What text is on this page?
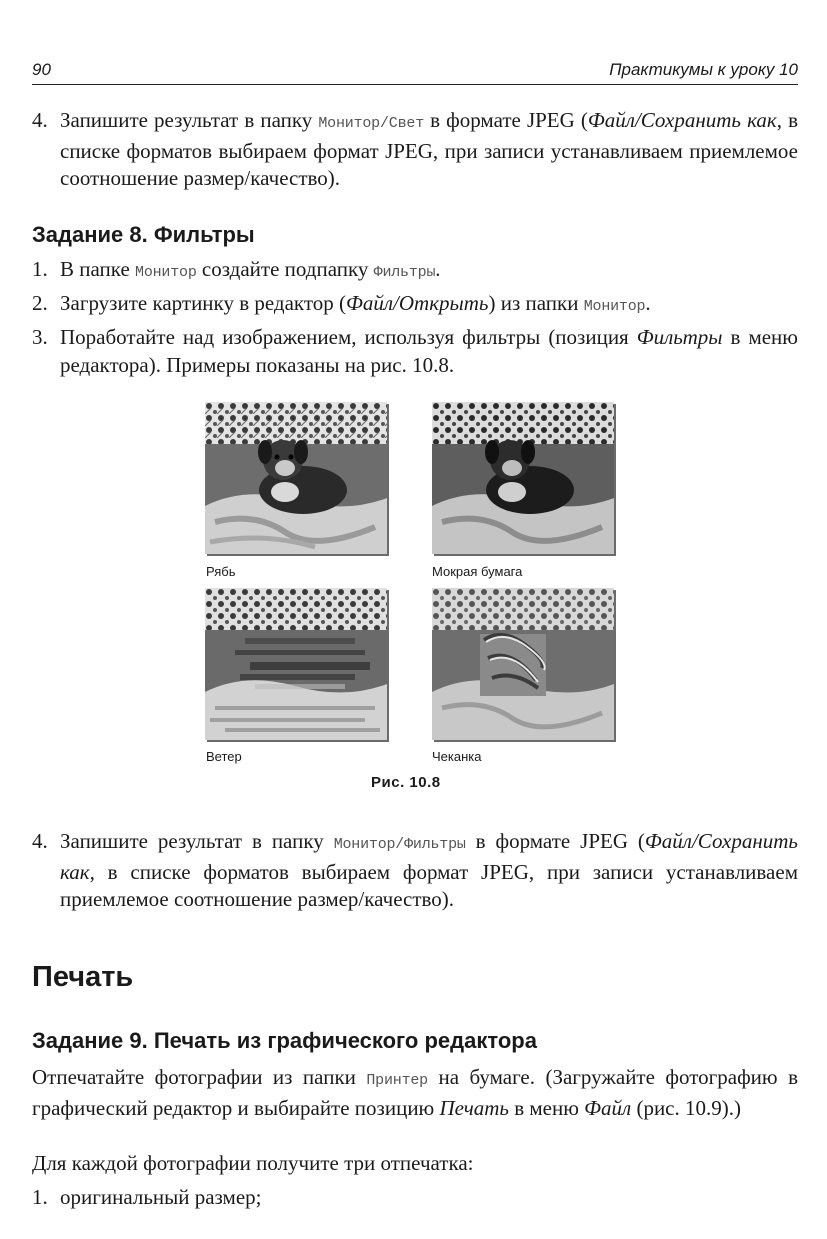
90	Практикумы к уроку 10
4. Запишите результат в папку Монитор/Свет в формате JPEG (Файл/Сохранить как, в списке форматов выбираем формат JPEG, при записи устанавливаем приемлемое соотношение размер/качество).
Задание 8. Фильтры
1. В папке Монитор создайте подпапку Фильтры.
2. Загрузите картинку в редактор (Файл/Открыть) из папки Монитор.
3. Поработайте над изображением, используя фильтры (позиция Фильтры в меню редактора). Примеры показаны на рис. 10.8.
Рябь	Мокрая бумага
Ветер	Чеканка
Рис. 10.8
4. Запишите результат в папку Монитор/Фильтры в формате JPEG (Файл/Сохранить как, в списке форматов выбираем формат JPEG, при записи устанавливаем приемлемое соотношение размер/качество).
Печать
Задание 9. Печать из графического редактора
Отпечатайте фотографии из папки Принтер на бумаге. (Загружайте фотографию в графический редактор и выбирайте позицию Печать в меню Файл (рис. 10.9).)
Для каждой фотографии получите три отпечатка:
1. оригинальный размер;
